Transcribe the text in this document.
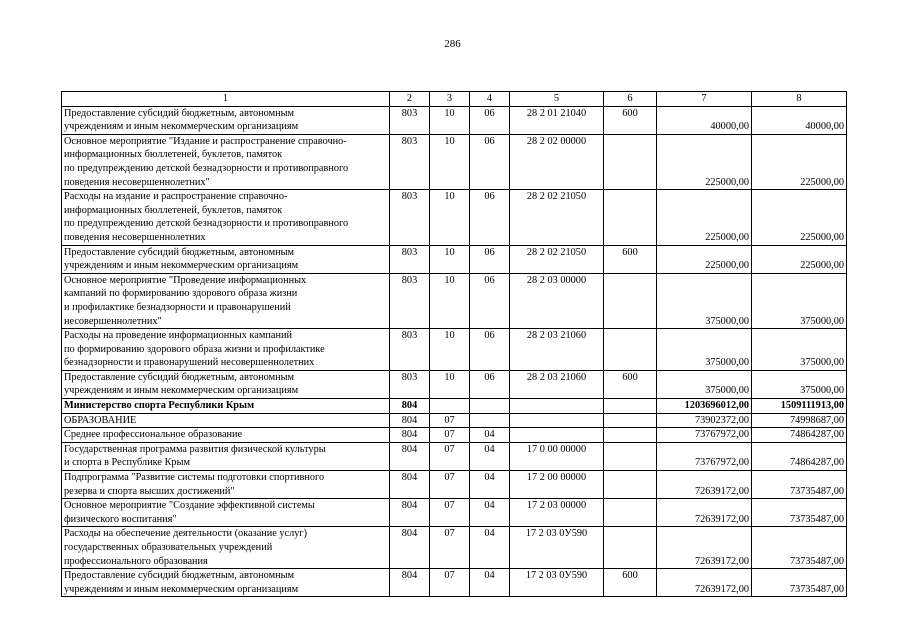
286
1	2	3	4	5	6	7	8
Предоставление субсидий бюджетным, автономным
учреждениям и иным некоммерческим организациям	803	10	06	28 2 01 21040	600	40000,00	40000,00
Основное мероприятие "Издание и распространение справочно-
информационных бюллетеней, буклетов, памяток
по предупреждению детской безнадзорности и противоправного
поведения несовершеннолетних"	803	10	06	28 2 02 00000		225000,00	225000,00
Расходы на издание и распространение справочно-
информационных бюллетеней, буклетов, памяток
по предупреждению детской безнадзорности и противоправного
поведения несовершеннолетних	803	10	06	28 2 02 21050		225000,00	225000,00
Предоставление субсидий бюджетным, автономным
учреждениям и иным некоммерческим организациям	803	10	06	28 2 02 21050	600	225000,00	225000,00
Основное мероприятие "Проведение информационных
кампаний по формированию здорового образа жизни
и профилактике безнадзорности и правонарушений
несовершеннолетних"	803	10	06	28 2 03 00000		375000,00	375000,00
Расходы на проведение информационных кампаний
по формированию здорового образа жизни и профилактике
безнадзорности и правонарушений несовершеннолетних	803	10	06	28 2 03 21060		375000,00	375000,00
Предоставление субсидий бюджетным, автономным
учреждениям и иным некоммерческим организациям	803	10	06	28 2 03 21060	600	375000,00	375000,00
Министерство спорта Республики Крым	804					1203696012,00	1509111913,00
ОБРАЗОВАНИЕ	804	07				73902372,00	74998687,00
Среднее профессиональное образование	804	07	04			73767972,00	74864287,00
Государственная программа развития физической культуры
и спорта в Республике Крым	804	07	04	17 0 00 00000		73767972,00	74864287,00
Подпрограмма "Развитие системы подготовки спортивного
резерва и спорта высших достижений"	804	07	04	17 2 00 00000		72639172,00	73735487,00
Основное мероприятие "Создание эффективной системы
физического воспитания"	804	07	04	17 2 03 00000		72639172,00	73735487,00
Расходы на обеспечение деятельности (оказание услуг)
государственных образовательных учреждений
профессионального образования	804	07	04	17 2 03 0У590		72639172,00	73735487,00
Предоставление субсидий бюджетным, автономным
учреждениям и иным некоммерческим организациям	804	07	04	17 2 03 0У590	600	72639172,00	73735487,00
